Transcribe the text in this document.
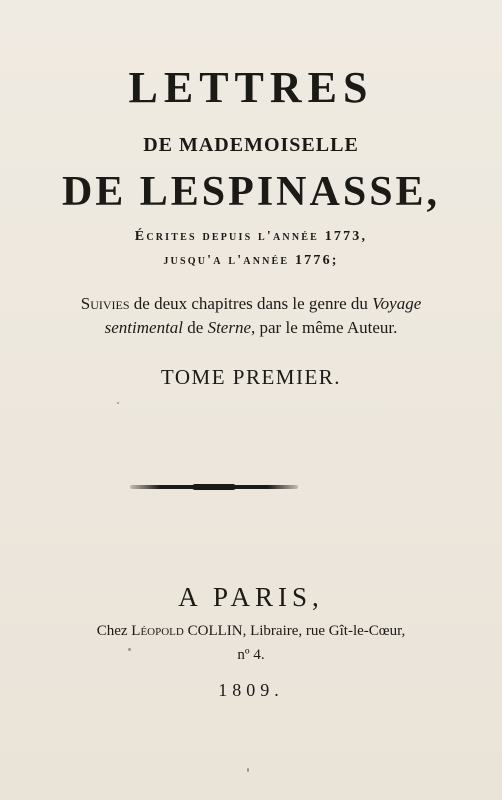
LETTRES
DE MADEMOISELLE
DE LESPINASSE,
Écrites depuis l'année 1773,
jusqu'a l'année 1776;
Suivies de deux chapitres dans le genre du Voyage
sentimental de Sterne, par le même Auteur.
TOME PREMIER.
A PARIS,
Chez Léopold COLLIN, Libraire, rue Gît-le-Cœur,
nº 4.
1809.
